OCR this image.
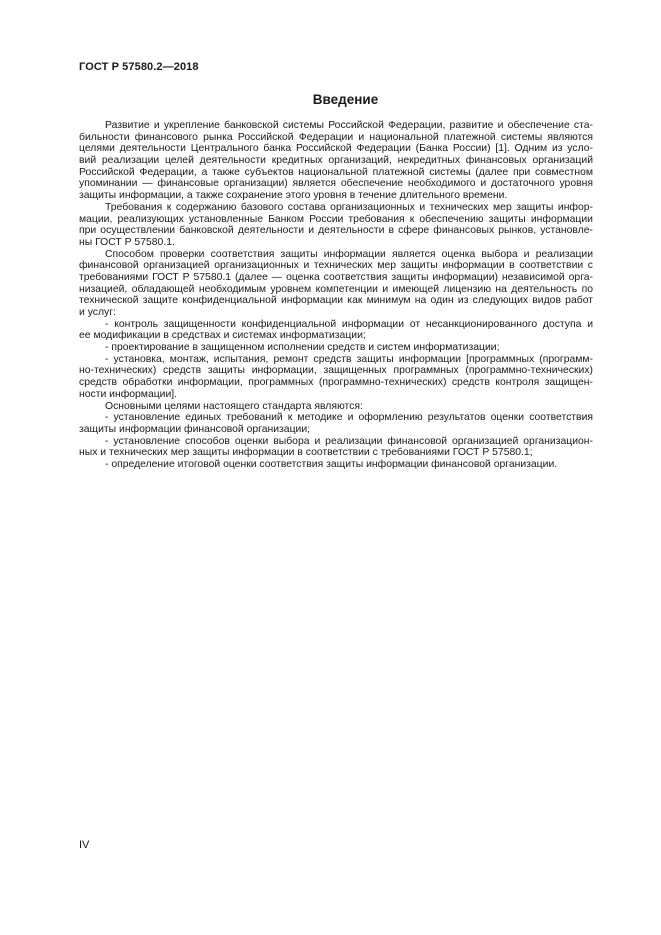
ГОСТ Р 57580.2—2018
Введение
Развитие и укрепление банковской системы Российской Федерации, развитие и обеспечение ста-
бильности финансового рынка Российской Федерации и национальной платежной системы являются
целями деятельности Центрального банка Российской Федерации (Банка России) [1]. Одним из усло-
вий реализации целей деятельности кредитных организаций, некредитных финансовых организаций
Российской Федерации, а также субъектов национальной платежной системы (далее при совместном
упоминании — финансовые организации) является обеспечение необходимого и достаточного уровня
защиты информации, а также сохранение этого уровня в течение длительного времени.
Требования к содержанию базового состава организационных и технических мер защиты инфор-
мации, реализующих установленные Банком России требования к обеспечению защиты информации
при осуществлении банковской деятельности и деятельности в сфере финансовых рынков, установле-
ны ГОСТ Р 57580.1.
Способом проверки соответствия защиты информации является оценка выбора и реализации
финансовой организацией организационных и технических мер защиты информации в соответствии с
требованиями ГОСТ Р 57580.1 (далее — оценка соответствия защиты информации) независимой орга-
низацией, обладающей необходимым уровнем компетенции и имеющей лицензию на деятельность по
технической защите конфиденциальной информации как минимум на один из следующих видов работ
и услуг:
- контроль защищенности конфиденциальной информации от несанкционированного доступа и
ее модификации в средствах и системах информатизации;
- проектирование в защищенном исполнении средств и систем информатизации;
- установка, монтаж, испытания, ремонт средств защиты информации [программных (программ-
но-технических) средств защиты информации, защищенных программных (программно-технических)
средств обработки информации, программных (программно-технических) средств контроля защищен-
ности информации].
Основными целями настоящего стандарта являются:
- установление единых требований к методике и оформлению результатов оценки соответствия
защиты информации финансовой организации;
- установление способов оценки выбора и реализации финансовой организацией организацион-
ных и технических мер защиты информации в соответствии с требованиями ГОСТ Р 57580.1;
- определение итоговой оценки соответствия защиты информации финансовой организации.
IV
